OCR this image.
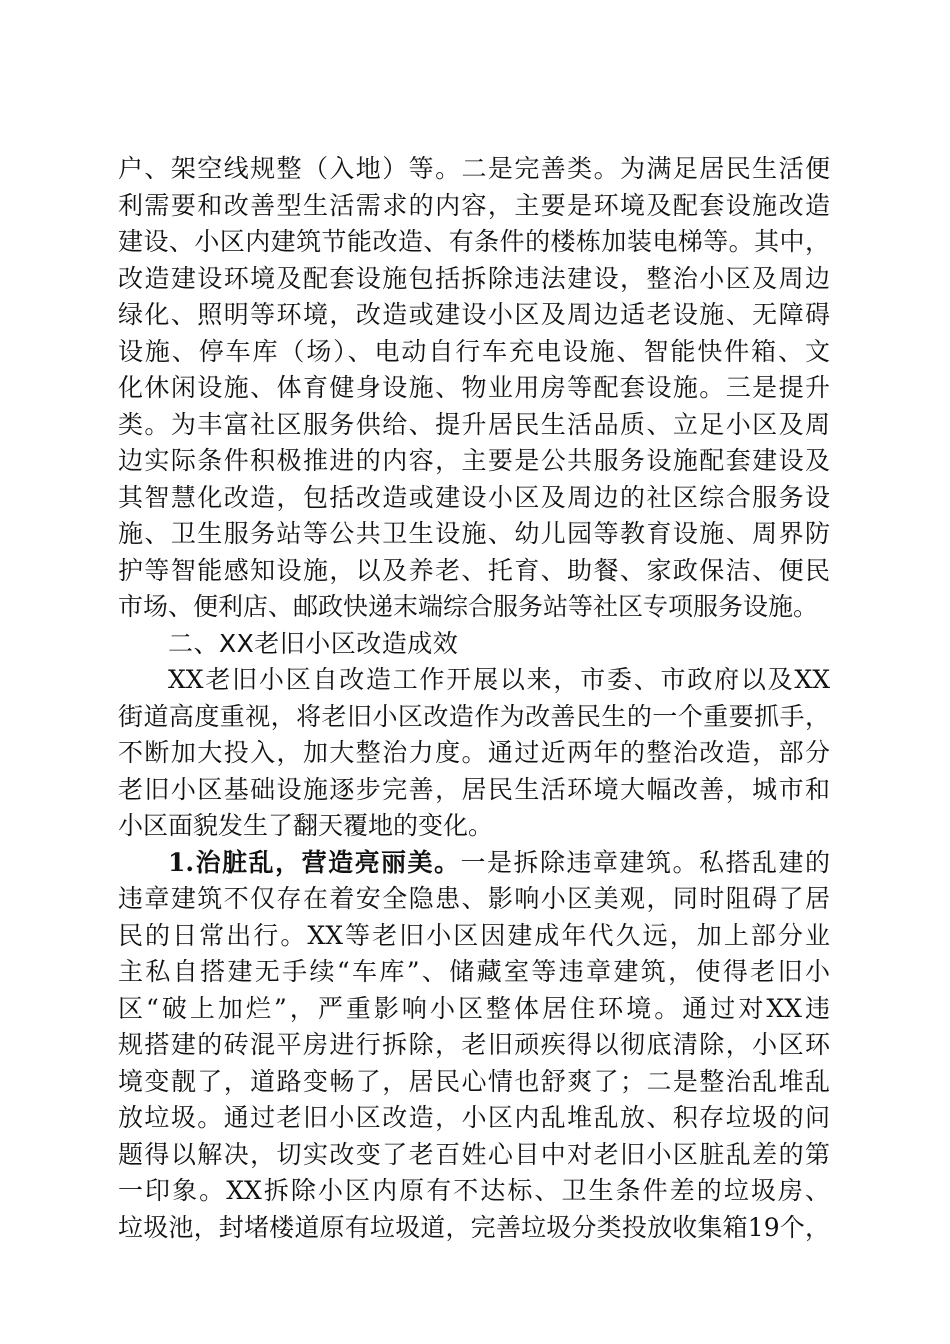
户、架空线规整（入地）等。二是完善类。为满足居民生活便
利需要和改善型生活需求的内容，主要是环境及配套设施改造
建设、小区内建筑节能改造、有条件的楼栋加装电梯等。其中，
改造建设环境及配套设施包括拆除违法建设，整治小区及周边
绿化、照明等环境，改造或建设小区及周边适老设施、无障碍
设施、停车库（场）、电动自行车充电设施、智能快件箱、文
化休闲设施、体育健身设施、物业用房等配套设施。三是提升
类。为丰富社区服务供给、提升居民生活品质、立足小区及周
边实际条件积极推进的内容，主要是公共服务设施配套建设及
其智慧化改造，包括改造或建设小区及周边的社区综合服务设
施、卫生服务站等公共卫生设施、幼儿园等教育设施、周界防
护等智能感知设施，以及养老、托育、助餐、家政保洁、便民
市场、便利店、邮政快递末端综合服务站等社区专项服务设施。
二、XX老旧小区改造成效
XX老旧小区自改造工作开展以来，市委、市政府以及XX
街道高度重视，将老旧小区改造作为改善民生的一个重要抓手，
不断加大投入，加大整治力度。通过近两年的整治改造，部分
老旧小区基础设施逐步完善，居民生活环境大幅改善，城市和
小区面貌发生了翻天覆地的变化。
1.治脏乱，营造亮丽美。一是拆除违章建筑。私搭乱建的
违章建筑不仅存在着安全隐患、影响小区美观，同时阻碍了居
民的日常出行。XX等老旧小区因建成年代久远，加上部分业
主私自搭建无手续“车库”、储藏室等违章建筑，使得老旧小
区“破上加烂”，严重影响小区整体居住环境。通过对XX违
规搭建的砖混平房进行拆除，老旧顽疾得以彻底清除，小区环
境变靓了，道路变畅了，居民心情也舒爽了；二是整治乱堆乱
放垃圾。通过老旧小区改造，小区内乱堆乱放、积存垃圾的问
题得以解决，切实改变了老百姓心目中对老旧小区脏乱差的第
一印象。XX拆除小区内原有不达标、卫生条件差的垃圾房、
垃圾池，封堵楼道原有垃圾道，完善垃圾分类投放收集箱19个，
